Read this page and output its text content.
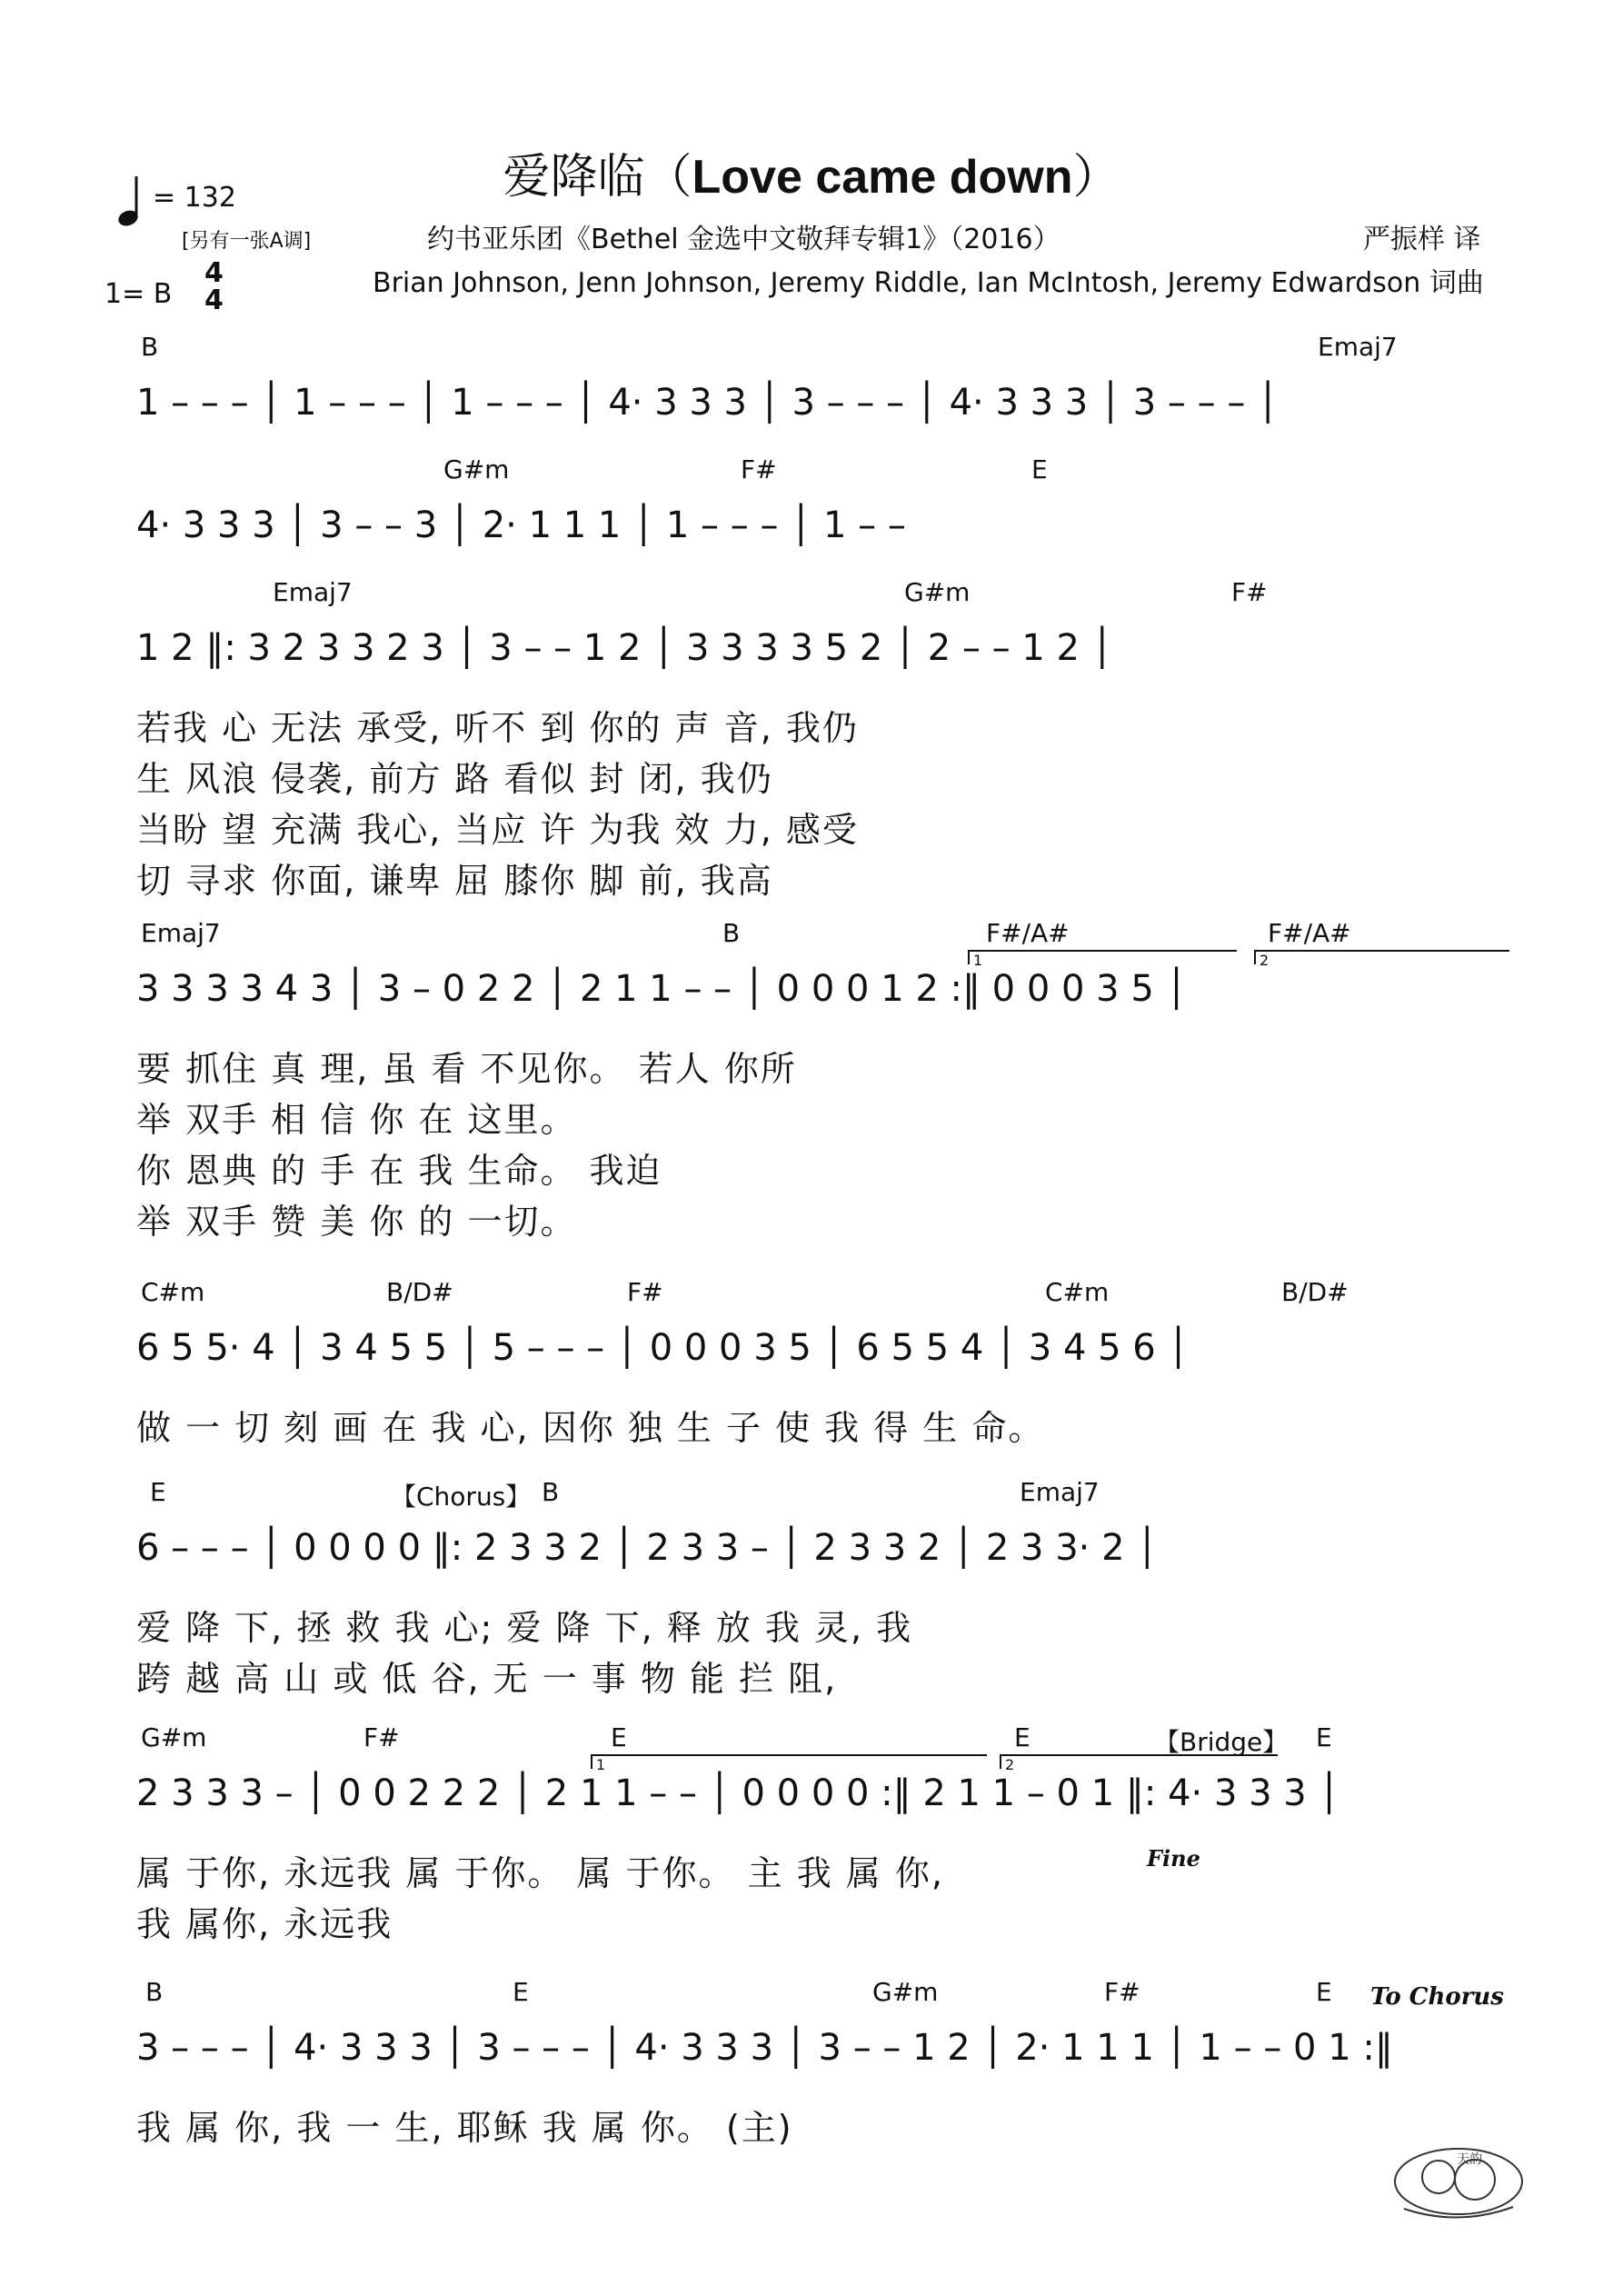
爱降临（Love came down）
= 132
[另有一张A调]	约书亚乐团《Bethel 金选中文敬拜专辑1》（2016）	严振样 译
1= B
4
4
Brian Johnson, Jenn Johnson, Jeremy Riddle, Ian McIntosh, Jeremy Edwardson 词曲
B	Emaj7
1 – – – │ 1 – – – │ 1 – – – │ 4· 3 3 3 │ 3 – – – │ 4· 3 3 3 │ 3 – – – │
G#m	F#	E
4· 3 3 3 │ 3 – – 3 │ 2· 1 1 1 │ 1 – – – │ 1 – –
Emaj7	G#m	F#
1 2 ‖: 3 2 3 3 2 3 │ 3 – – 1 2 │ 3 3 3 3 5 2 │ 2 – – 1 2 │
若我 心 无法 承受, 听不 到 你的 声 音, 我仍
生 风浪 侵袭, 前方 路 看似 封 闭, 我仍
当盼 望 充满 我心, 当应 许 为我 效 力, 感受
切 寻求 你面, 谦卑 屈 膝你 脚 前, 我高
Emaj7	B	F#/A#	F#/A#
3 3 3 3 4 3 │ 3 – 0 2 2 │ 2 1 1 – – │ 0 0 0 1 2 :‖ 0 0 0 3 5 │
要 抓住 真 理, 虽 看 不见你。 若人 你所
举 双手 相 信 你 在 这里。
你 恩典 的 手 在 我 生命。 我迫
举 双手 赞 美 你 的 一切。
C#m	B/D#	F#	C#m	B/D#
6 5 5· 4 │ 3 4 5 5 │ 5 – – – │ 0 0 0 3 5 │ 6 5 5 4 │ 3 4 5 6 │
做 一 切 刻 画 在 我 心, 因你 独 生 子 使 我 得 生 命。
E	【Chorus】 B	Emaj7
6 – – – │ 0 0 0 0 ‖: 2 3 3 2 │ 2 3 3 – │ 2 3 3 2 │ 2 3 3· 2 │
爱 降 下, 拯 救 我 心; 爱 降 下, 释 放 我 灵, 我
跨 越 高 山 或 低 谷, 无 一 事 物 能 拦 阻,
G#m	F#	E	E	【Bridge】 E
2 3 3 3 – │ 0 0 2 2 2 │ 2 1 1 – – │ 0 0 0 0 :‖ 2 1 1 – 0 1 ‖: 4· 3 3 3 │
属 于你, 永远我 属 于你。 属 于你。 主 我 属 你,
我 属你, 永远我
B	E	G#m	F#	E
3 – – – │ 4· 3 3 3 │ 3 – – – │ 4· 3 3 3 │ 3 – – 1 2 │ 2· 1 1 1 │ 1 – – 0 1 :‖
我 属 你, 我 一 生, 耶稣 我 属 你。 (主)
1	2
1	2
Fine
To Chorus
天韵
